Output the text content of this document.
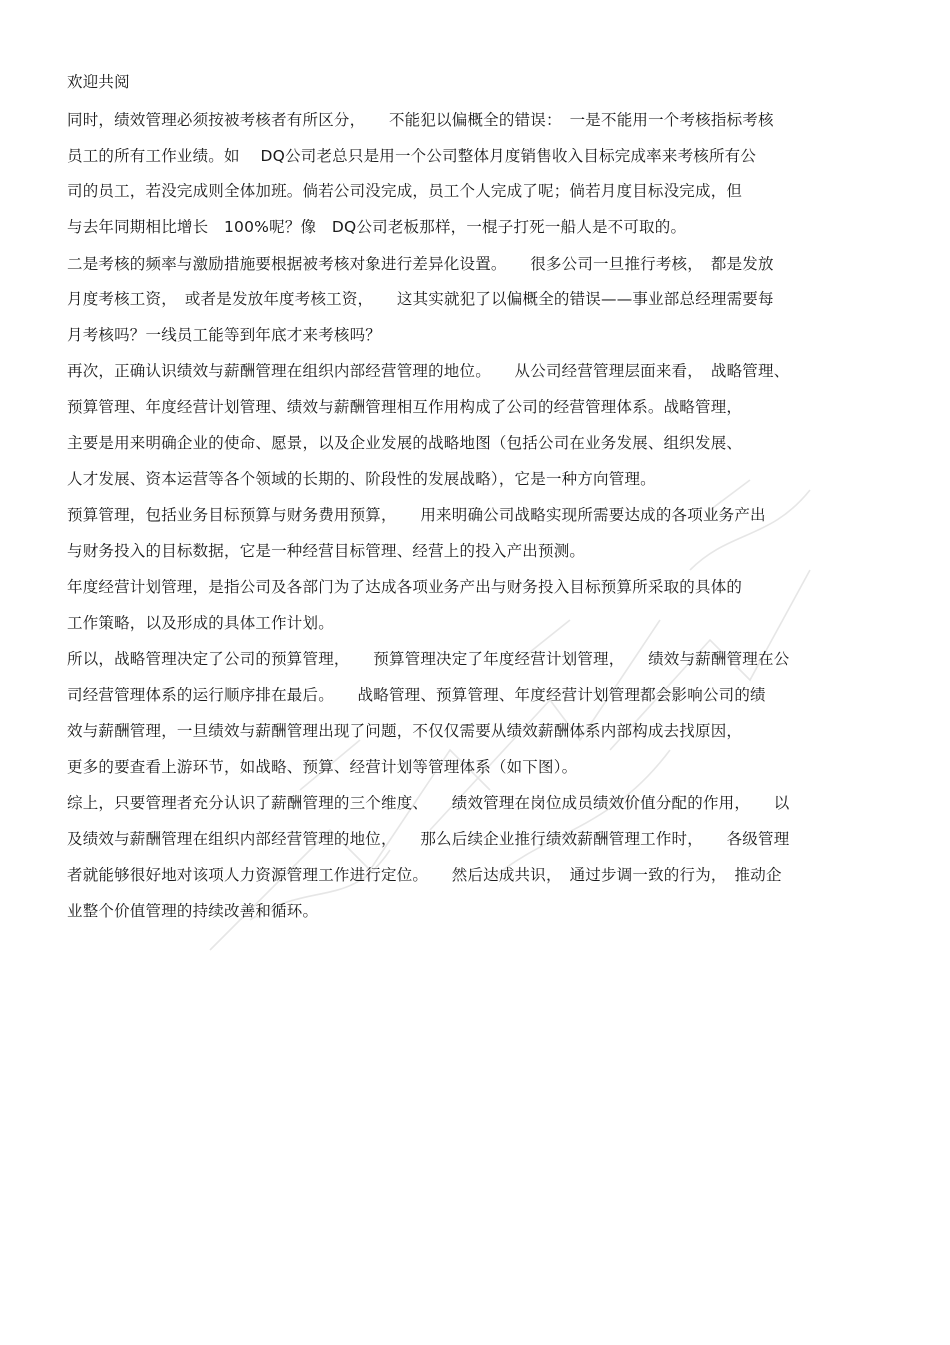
欢迎共阅
同时，绩效管理必须按被考核者有所区分，　　不能犯以偏概全的错误：　一是不能用一个考核指标考核
员工的所有工作业绩。如　 DQ公司老总只是用一个公司整体月度销售收入目标完成率来考核所有公
司的员工，若没完成则全体加班。倘若公司没完成，员工个人完成了呢；倘若月度目标没完成，但
与去年同期相比增长　100%呢？像　DQ公司老板那样，一棍子打死一船人是不可取的。
二是考核的频率与激励措施要根据被考核对象进行差异化设置。　　很多公司一旦推行考核，　都是发放
月度考核工资，　或者是发放年度考核工资，　　这其实就犯了以偏概全的错误——事业部总经理需要每
月考核吗？一线员工能等到年底才来考核吗？
再次，正确认识绩效与薪酬管理在组织内部经营管理的地位。　　从公司经营管理层面来看，　战略管理、
预算管理、年度经营计划管理、绩效与薪酬管理相互作用构成了公司的经营管理体系。战略管理，
主要是用来明确企业的使命、愿景，以及企业发展的战略地图（包括公司在业务发展、组织发展、
人才发展、资本运营等各个领域的长期的、阶段性的发展战略），它是一种方向管理。
预算管理，包括业务目标预算与财务费用预算，　　用来明确公司战略实现所需要达成的各项业务产出
与财务投入的目标数据，它是一种经营目标管理、经营上的投入产出预测。
年度经营计划管理，是指公司及各部门为了达成各项业务产出与财务投入目标预算所采取的具体的
工作策略，以及形成的具体工作计划。
所以，战略管理决定了公司的预算管理，　　预算管理决定了年度经营计划管理，　　绩效与薪酬管理在公
司经营管理体系的运行顺序排在最后。　　战略管理、预算管理、年度经营计划管理都会影响公司的绩
效与薪酬管理，一旦绩效与薪酬管理出现了问题，不仅仅需要从绩效薪酬体系内部构成去找原因，
更多的要查看上游环节，如战略、预算、经营计划等管理体系（如下图）。
综上，只要管理者充分认识了薪酬管理的三个维度、　　绩效管理在岗位成员绩效价值分配的作用，　　以
及绩效与薪酬管理在组织内部经营管理的地位，　　那么后续企业推行绩效薪酬管理工作时，　　各级管理
者就能够很好地对该项人力资源管理工作进行定位。　　然后达成共识，　通过步调一致的行为，　推动企
业整个价值管理的持续改善和循环。
